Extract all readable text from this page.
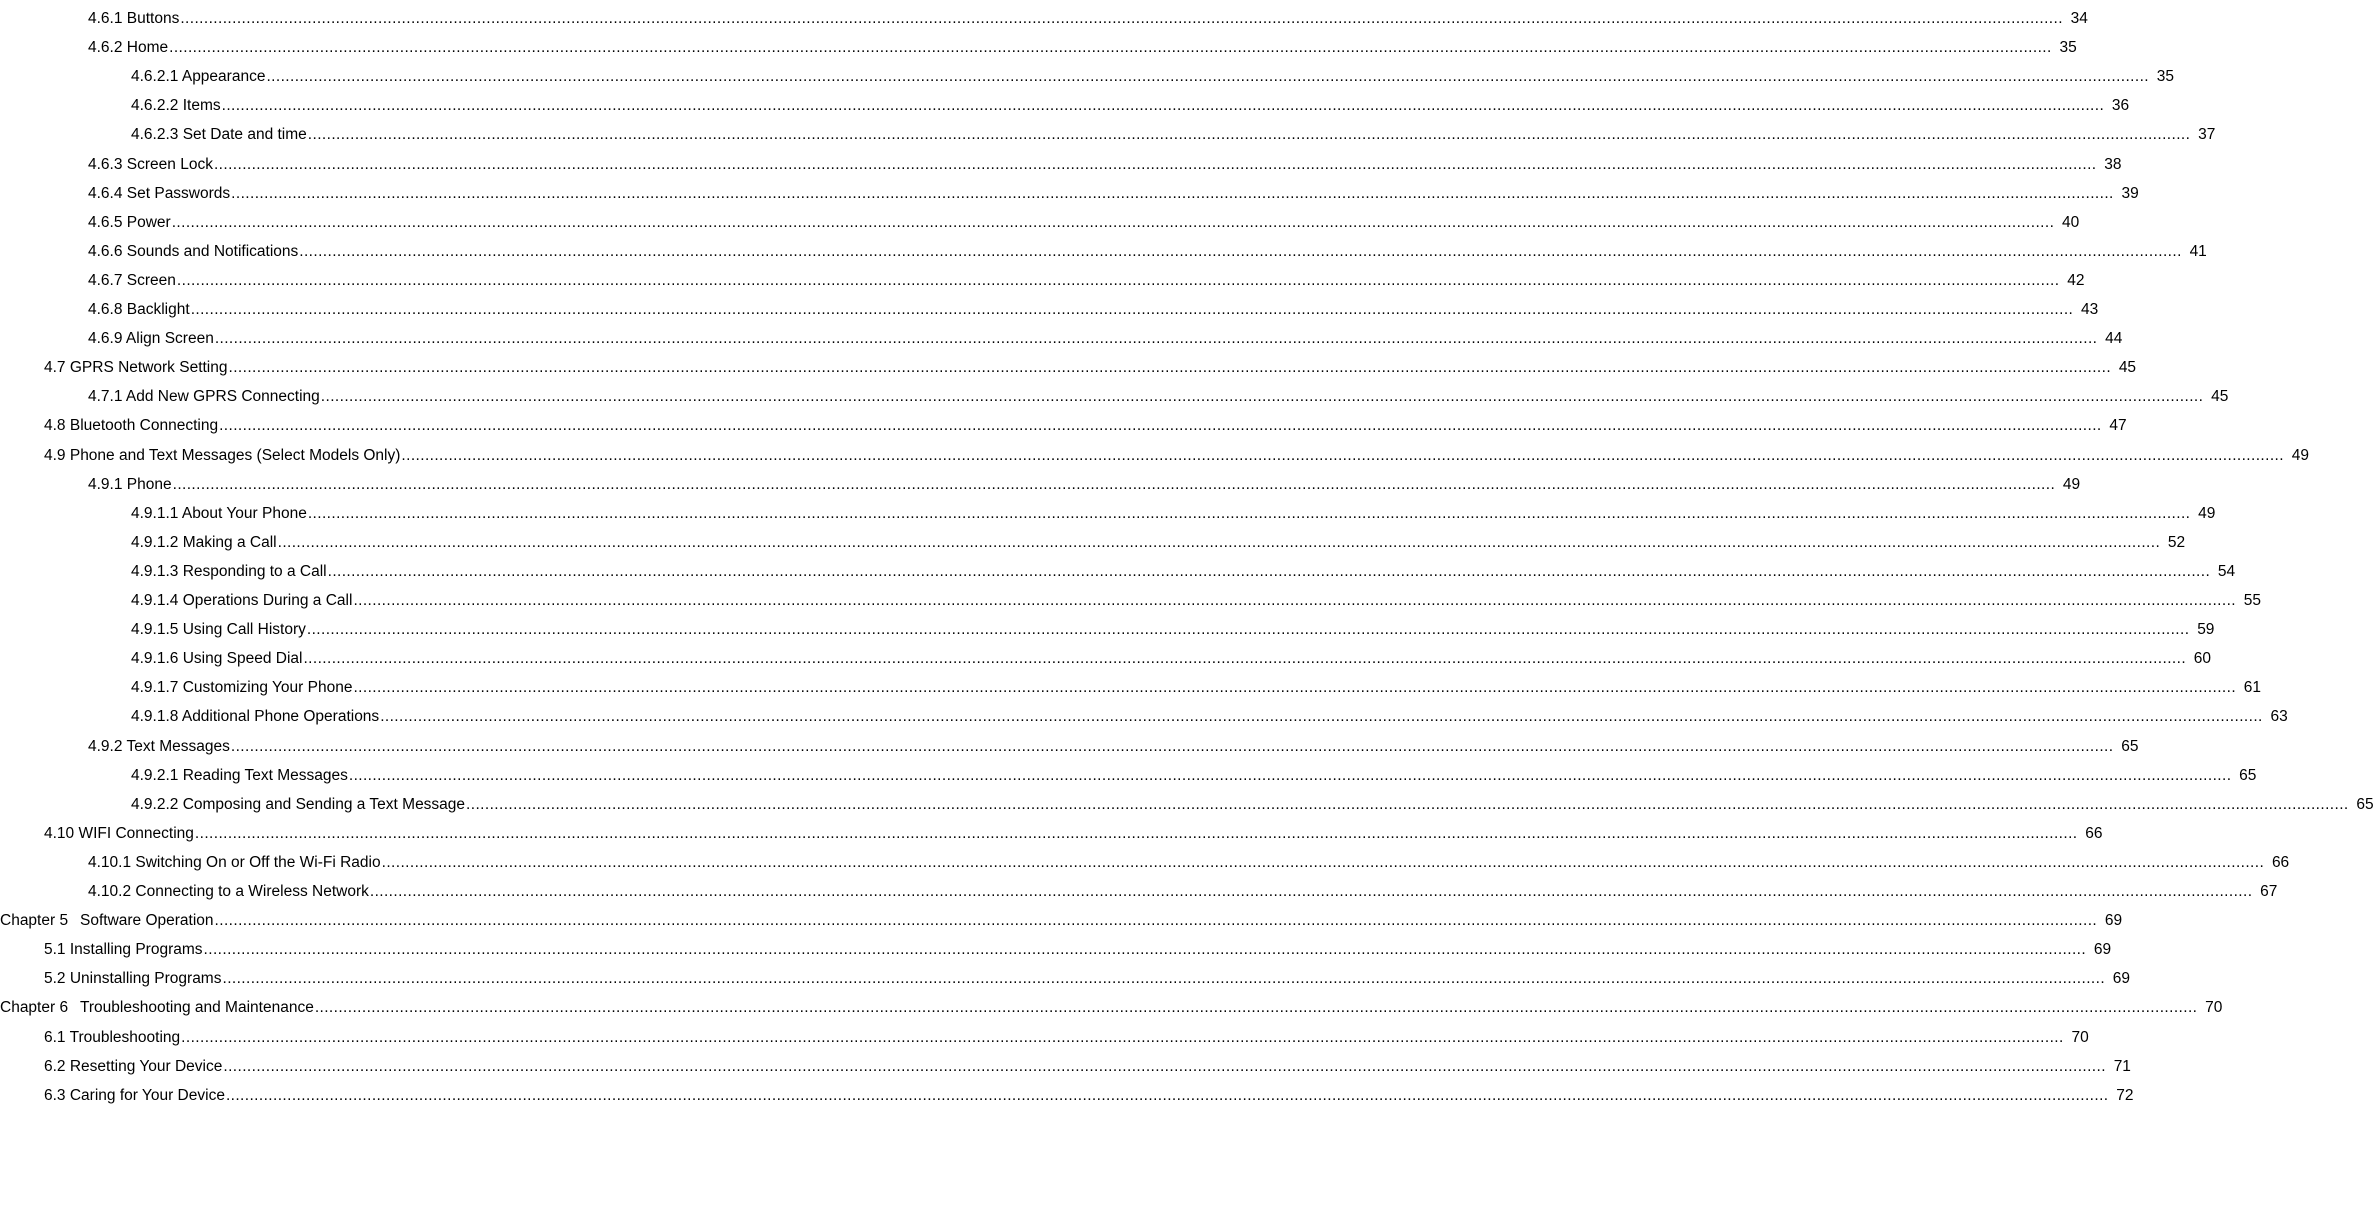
4.6.1 Buttons ................................................................................................................................................................................................................................................................................................................................................................................................................ 34
4.6.2 Home ................................................................................................................................................................................................................................................................................................................................................................................................................ 35
4.6.2.1 Appearance ................................................................................................................................................................................................................................................................................................................................................................................................................ 35
4.6.2.2 Items ................................................................................................................................................................................................................................................................................................................................................................................................................ 36
4.6.2.3 Set Date and time ................................................................................................................................................................................................................................................................................................................................................................................................................ 37
4.6.3 Screen Lock ................................................................................................................................................................................................................................................................................................................................................................................................................ 38
4.6.4 Set Passwords ................................................................................................................................................................................................................................................................................................................................................................................................................ 39
4.6.5 Power ................................................................................................................................................................................................................................................................................................................................................................................................................ 40
4.6.6 Sounds and Notifications ................................................................................................................................................................................................................................................................................................................................................................................................................ 41
4.6.7 Screen ................................................................................................................................................................................................................................................................................................................................................................................................................ 42
4.6.8 Backlight ................................................................................................................................................................................................................................................................................................................................................................................................................ 43
4.6.9 Align Screen ................................................................................................................................................................................................................................................................................................................................................................................................................ 44
4.7 GPRS Network Setting ................................................................................................................................................................................................................................................................................................................................................................................................................ 45
4.7.1 Add New GPRS Connecting ................................................................................................................................................................................................................................................................................................................................................................................................................ 45
4.8 Bluetooth Connecting ................................................................................................................................................................................................................................................................................................................................................................................................................ 47
4.9 Phone and Text Messages (Select Models Only) ................................................................................................................................................................................................................................................................................................................................................................................................................ 49
4.9.1 Phone ................................................................................................................................................................................................................................................................................................................................................................................................................ 49
4.9.1.1 About Your Phone ................................................................................................................................................................................................................................................................................................................................................................................................................ 49
4.9.1.2 Making a Call ................................................................................................................................................................................................................................................................................................................................................................................................................ 52
4.9.1.3 Responding to a Call ................................................................................................................................................................................................................................................................................................................................................................................................................ 54
4.9.1.4 Operations During a Call ................................................................................................................................................................................................................................................................................................................................................................................................................ 55
4.9.1.5 Using Call History ................................................................................................................................................................................................................................................................................................................................................................................................................ 59
4.9.1.6 Using Speed Dial ................................................................................................................................................................................................................................................................................................................................................................................................................ 60
4.9.1.7 Customizing Your Phone ................................................................................................................................................................................................................................................................................................................................................................................................................ 61
4.9.1.8 Additional Phone Operations ................................................................................................................................................................................................................................................................................................................................................................................................................ 63
4.9.2 Text Messages ................................................................................................................................................................................................................................................................................................................................................................................................................ 65
4.9.2.1 Reading Text Messages ................................................................................................................................................................................................................................................................................................................................................................................................................ 65
4.9.2.2 Composing and Sending a Text Message ................................................................................................................................................................................................................................................................................................................................................................................................................ 65
4.10 WIFI Connecting ................................................................................................................................................................................................................................................................................................................................................................................................................ 66
4.10.1 Switching On or Off the Wi-Fi Radio ................................................................................................................................................................................................................................................................................................................................................................................................................ 66
4.10.2 Connecting to a Wireless Network ................................................................................................................................................................................................................................................................................................................................................................................................................ 67
Chapter 5 Software Operation ................................................................................................................................................................................................................................................................................................................................................................................................................ 69
5.1 Installing Programs ................................................................................................................................................................................................................................................................................................................................................................................................................ 69
5.2 Uninstalling Programs ................................................................................................................................................................................................................................................................................................................................................................................................................ 69
Chapter 6 Troubleshooting and Maintenance ................................................................................................................................................................................................................................................................................................................................................................................................................ 70
6.1 Troubleshooting ................................................................................................................................................................................................................................................................................................................................................................................................................ 70
6.2 Resetting Your Device ................................................................................................................................................................................................................................................................................................................................................................................................................ 71
6.3 Caring for Your Device ................................................................................................................................................................................................................................................................................................................................................................................................................ 72
